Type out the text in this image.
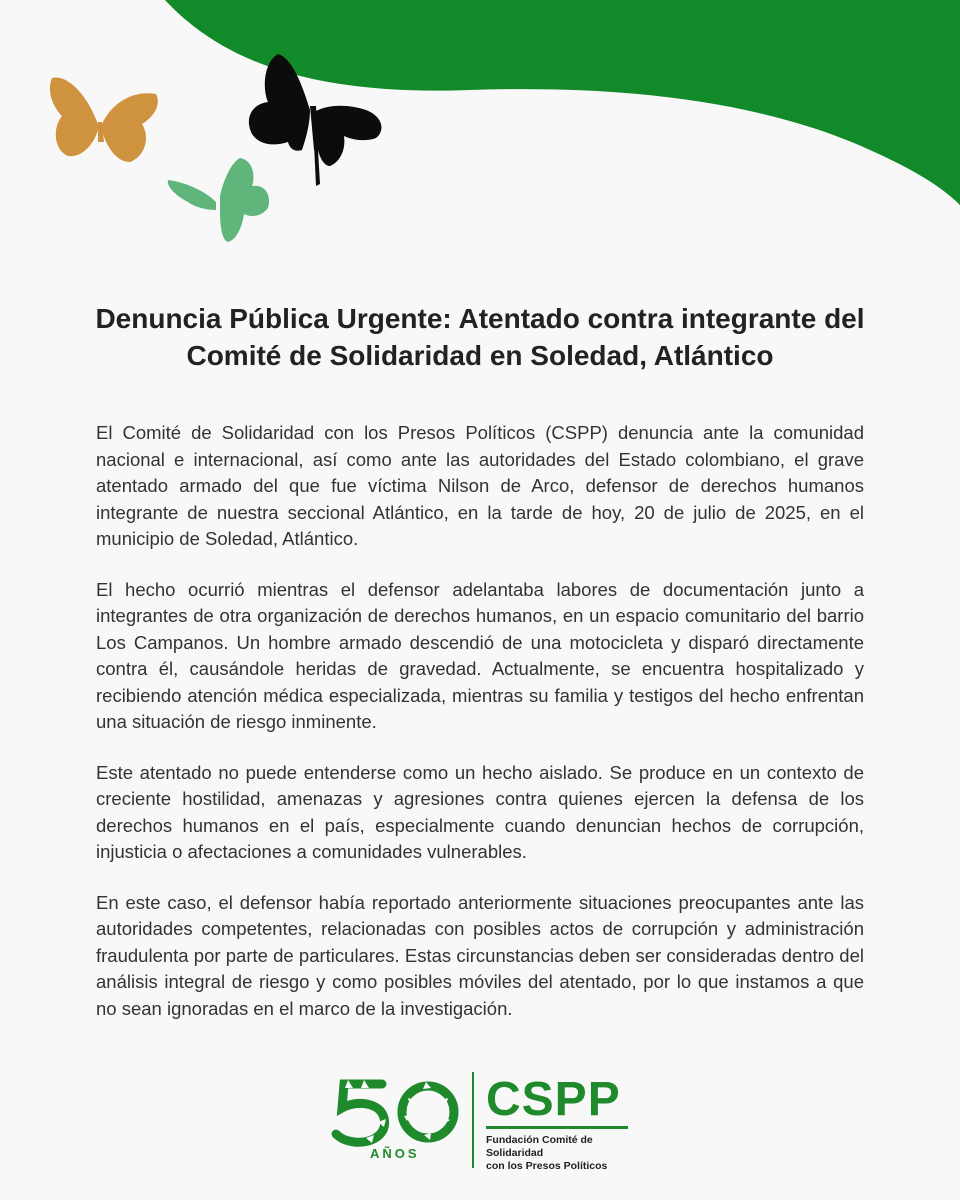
Denuncia Pública Urgente: Atentado contra integrante del Comité de Solidaridad en Soledad, Atlántico

El Comité de Solidaridad con los Presos Políticos (CSPP) denuncia ante la comunidad nacional e internacional, así como ante las autoridades del Estado colombiano, el grave atentado armado del que fue víctima Nilson de Arco, defensor de derechos humanos integrante de nuestra seccional Atlántico, en la tarde de hoy, 20 de julio de 2025, en el municipio de Soledad, Atlántico.

El hecho ocurrió mientras el defensor adelantaba labores de documentación junto a integrantes de otra organización de derechos humanos, en un espacio comunitario del barrio Los Campanos. Un hombre armado descendió de una motocicleta y disparó directamente contra él, causándole heridas de gravedad. Actualmente, se encuentra hospitalizado y recibiendo atención médica especializada, mientras su familia y testigos del hecho enfrentan una situación de riesgo inminente.

Este atentado no puede entenderse como un hecho aislado. Se produce en un contexto de creciente hostilidad, amenazas y agresiones contra quienes ejercen la defensa de los derechos humanos en el país, especialmente cuando denuncian hechos de corrupción, injusticia o afectaciones a comunidades vulnerables.

En este caso, el defensor había reportado anteriormente situaciones preocupantes ante las autoridades competentes, relacionadas con posibles actos de corrupción y administración fraudulenta por parte de particulares. Estas circunstancias deben ser consideradas dentro del análisis integral de riesgo y como posibles móviles del atentado, por lo que instamos a que no sean ignoradas en el marco de la investigación.

AÑOS

CSPP

Fundación Comité de Solidaridad
con los Presos Políticos
